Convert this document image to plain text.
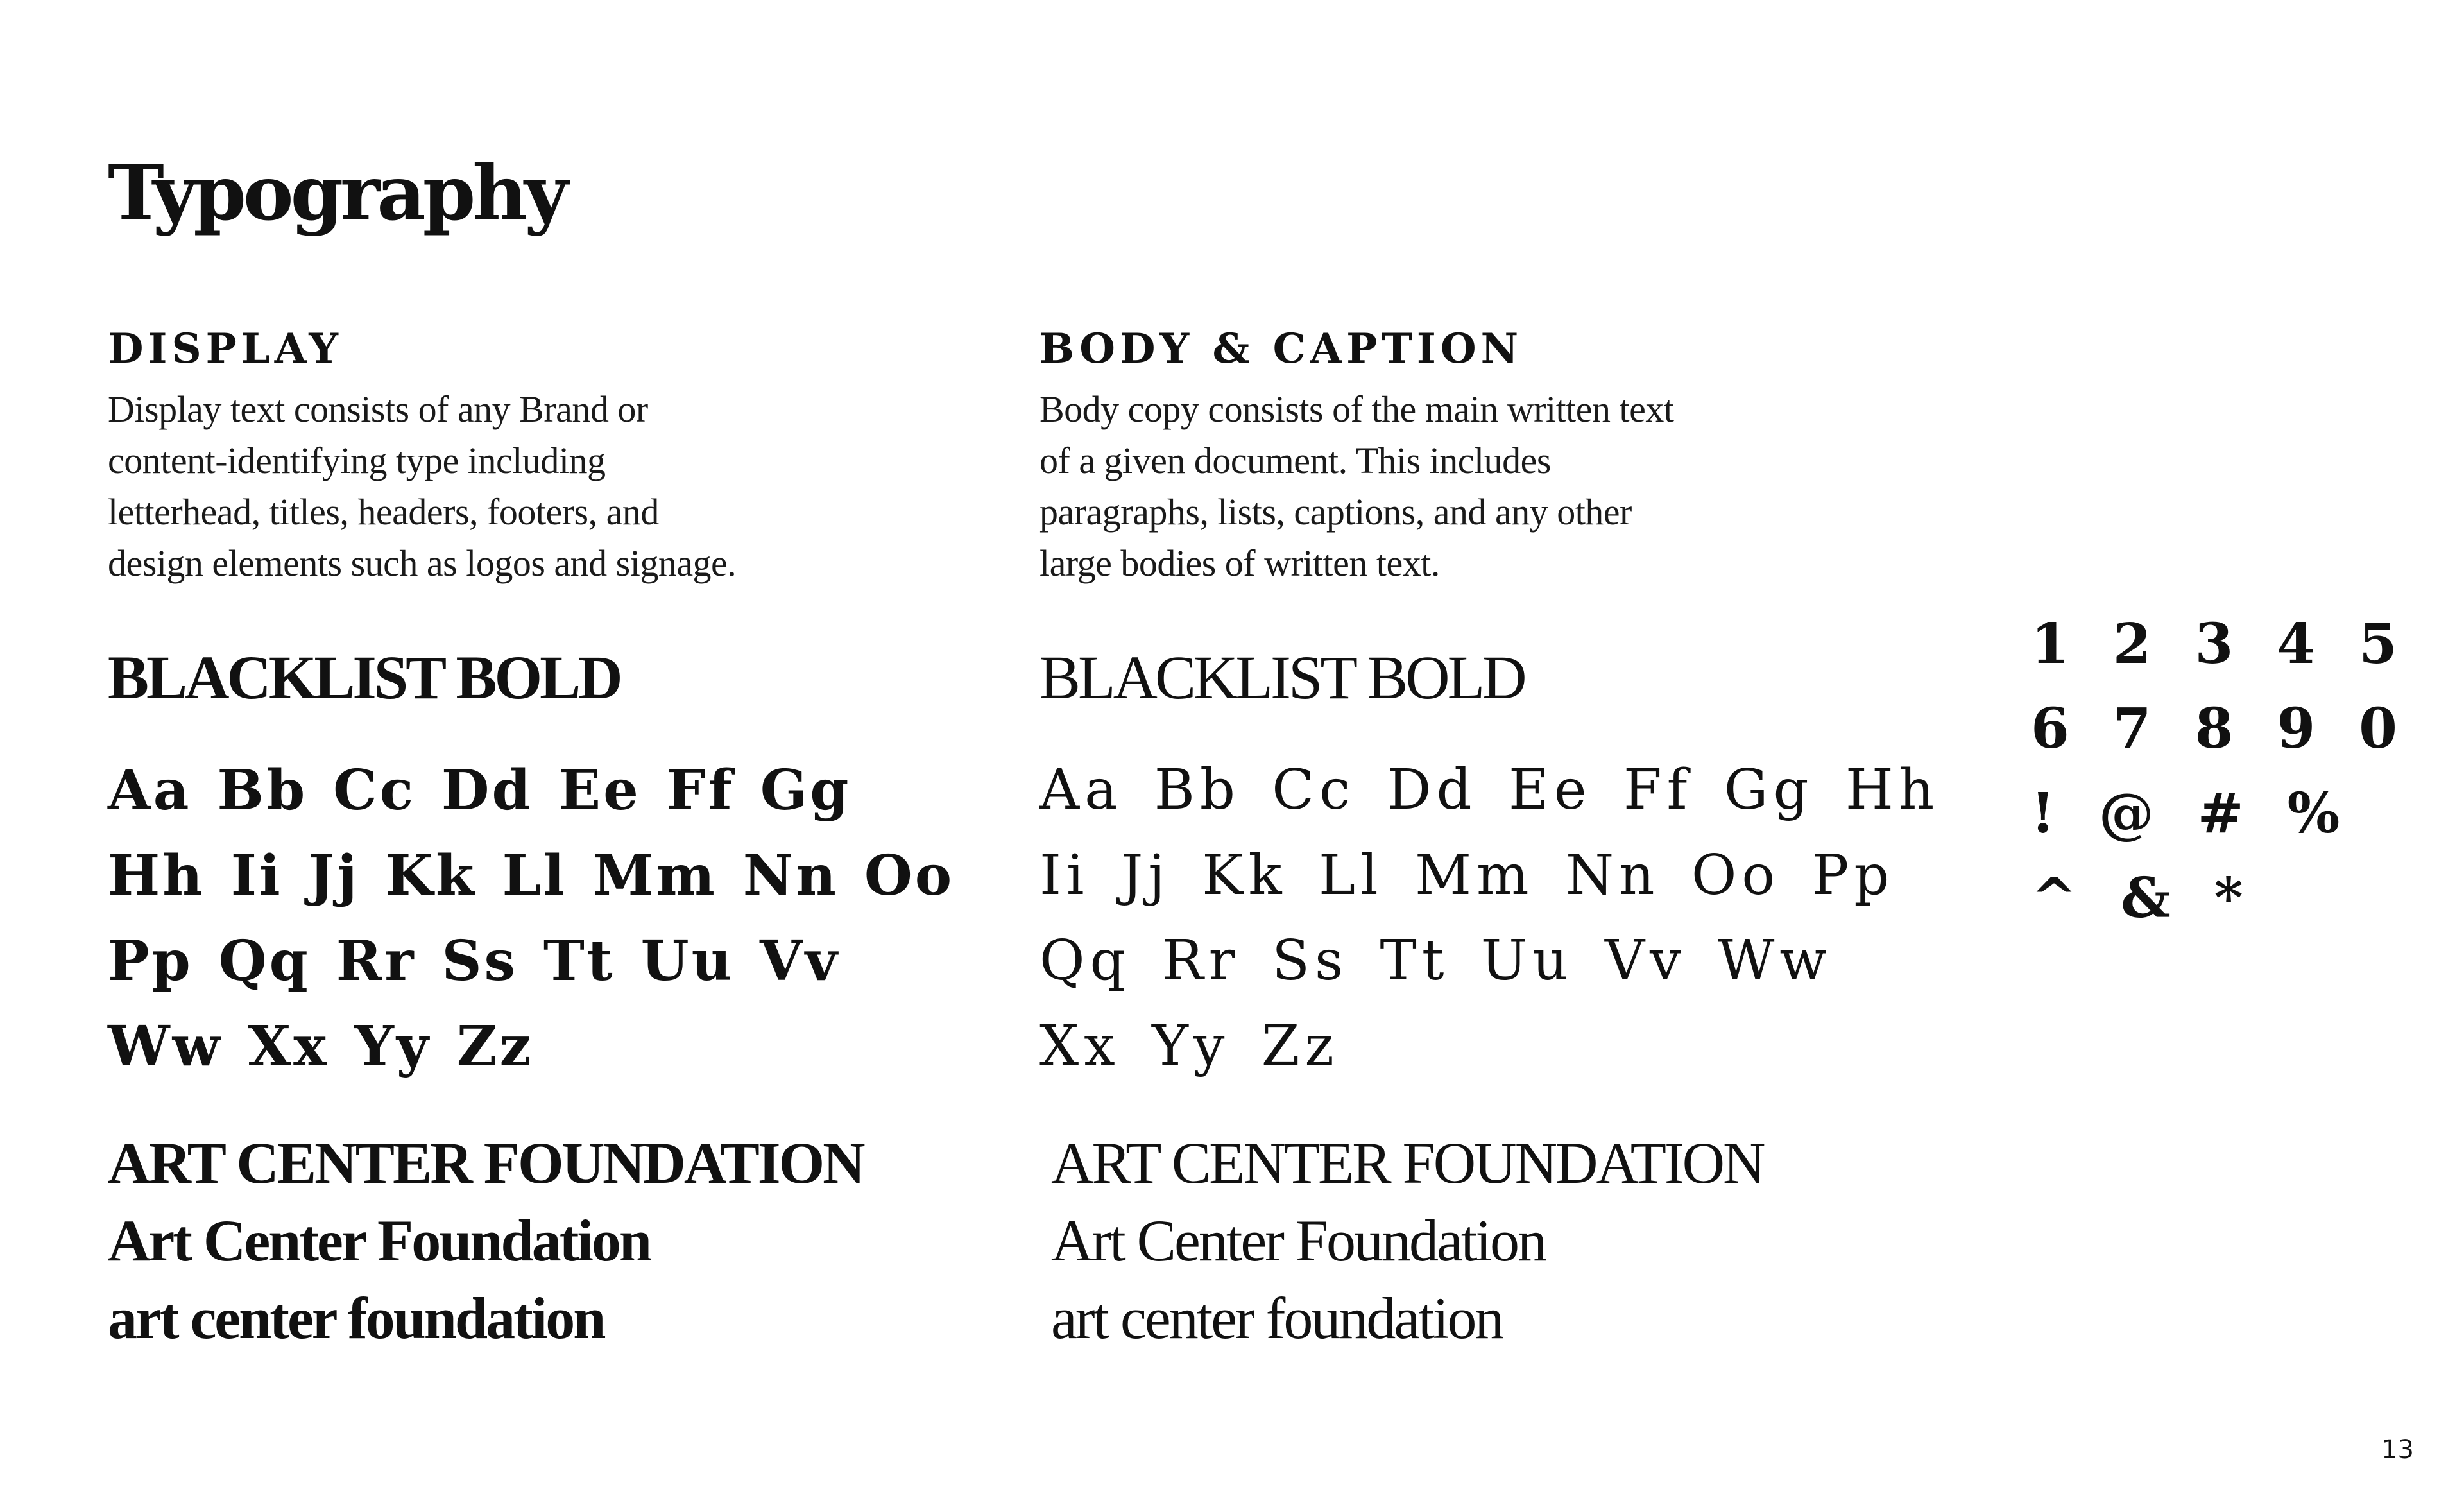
Typography
DISPLAY

Display text consists of any Brand or
content-identifying type including
letterhead, titles, headers, footers, and
design elements such as logos and signage.

BLACKLIST BOLD
Aa Bb Cc Dd Ee Ff Gg
Hh Ii Jj Kk Ll Mm Nn Oo
Pp Qq Rr Ss Tt Uu Vv
Ww Xx Yy Zz
ART CENTER FOUNDATION
Art Center Foundation
art center foundation
BODY & CAPTION

Body copy consists of the main written text
of a given document. This includes
paragraphs, lists, captions, and any other
large bodies of written text.

BLACKLIST BOLD
Aa Bb Cc Dd Ee Ff Gg Hh
Ii Jj Kk Ll Mm Nn Oo Pp
Qq Rr Ss Tt Uu Vv Ww
Xx Yy Zz
ART CENTER FOUNDATION
Art Center Foundation
art center foundation
1 2 3 4 5
6 7 8 9 0
! @ # %
^ & *
13
